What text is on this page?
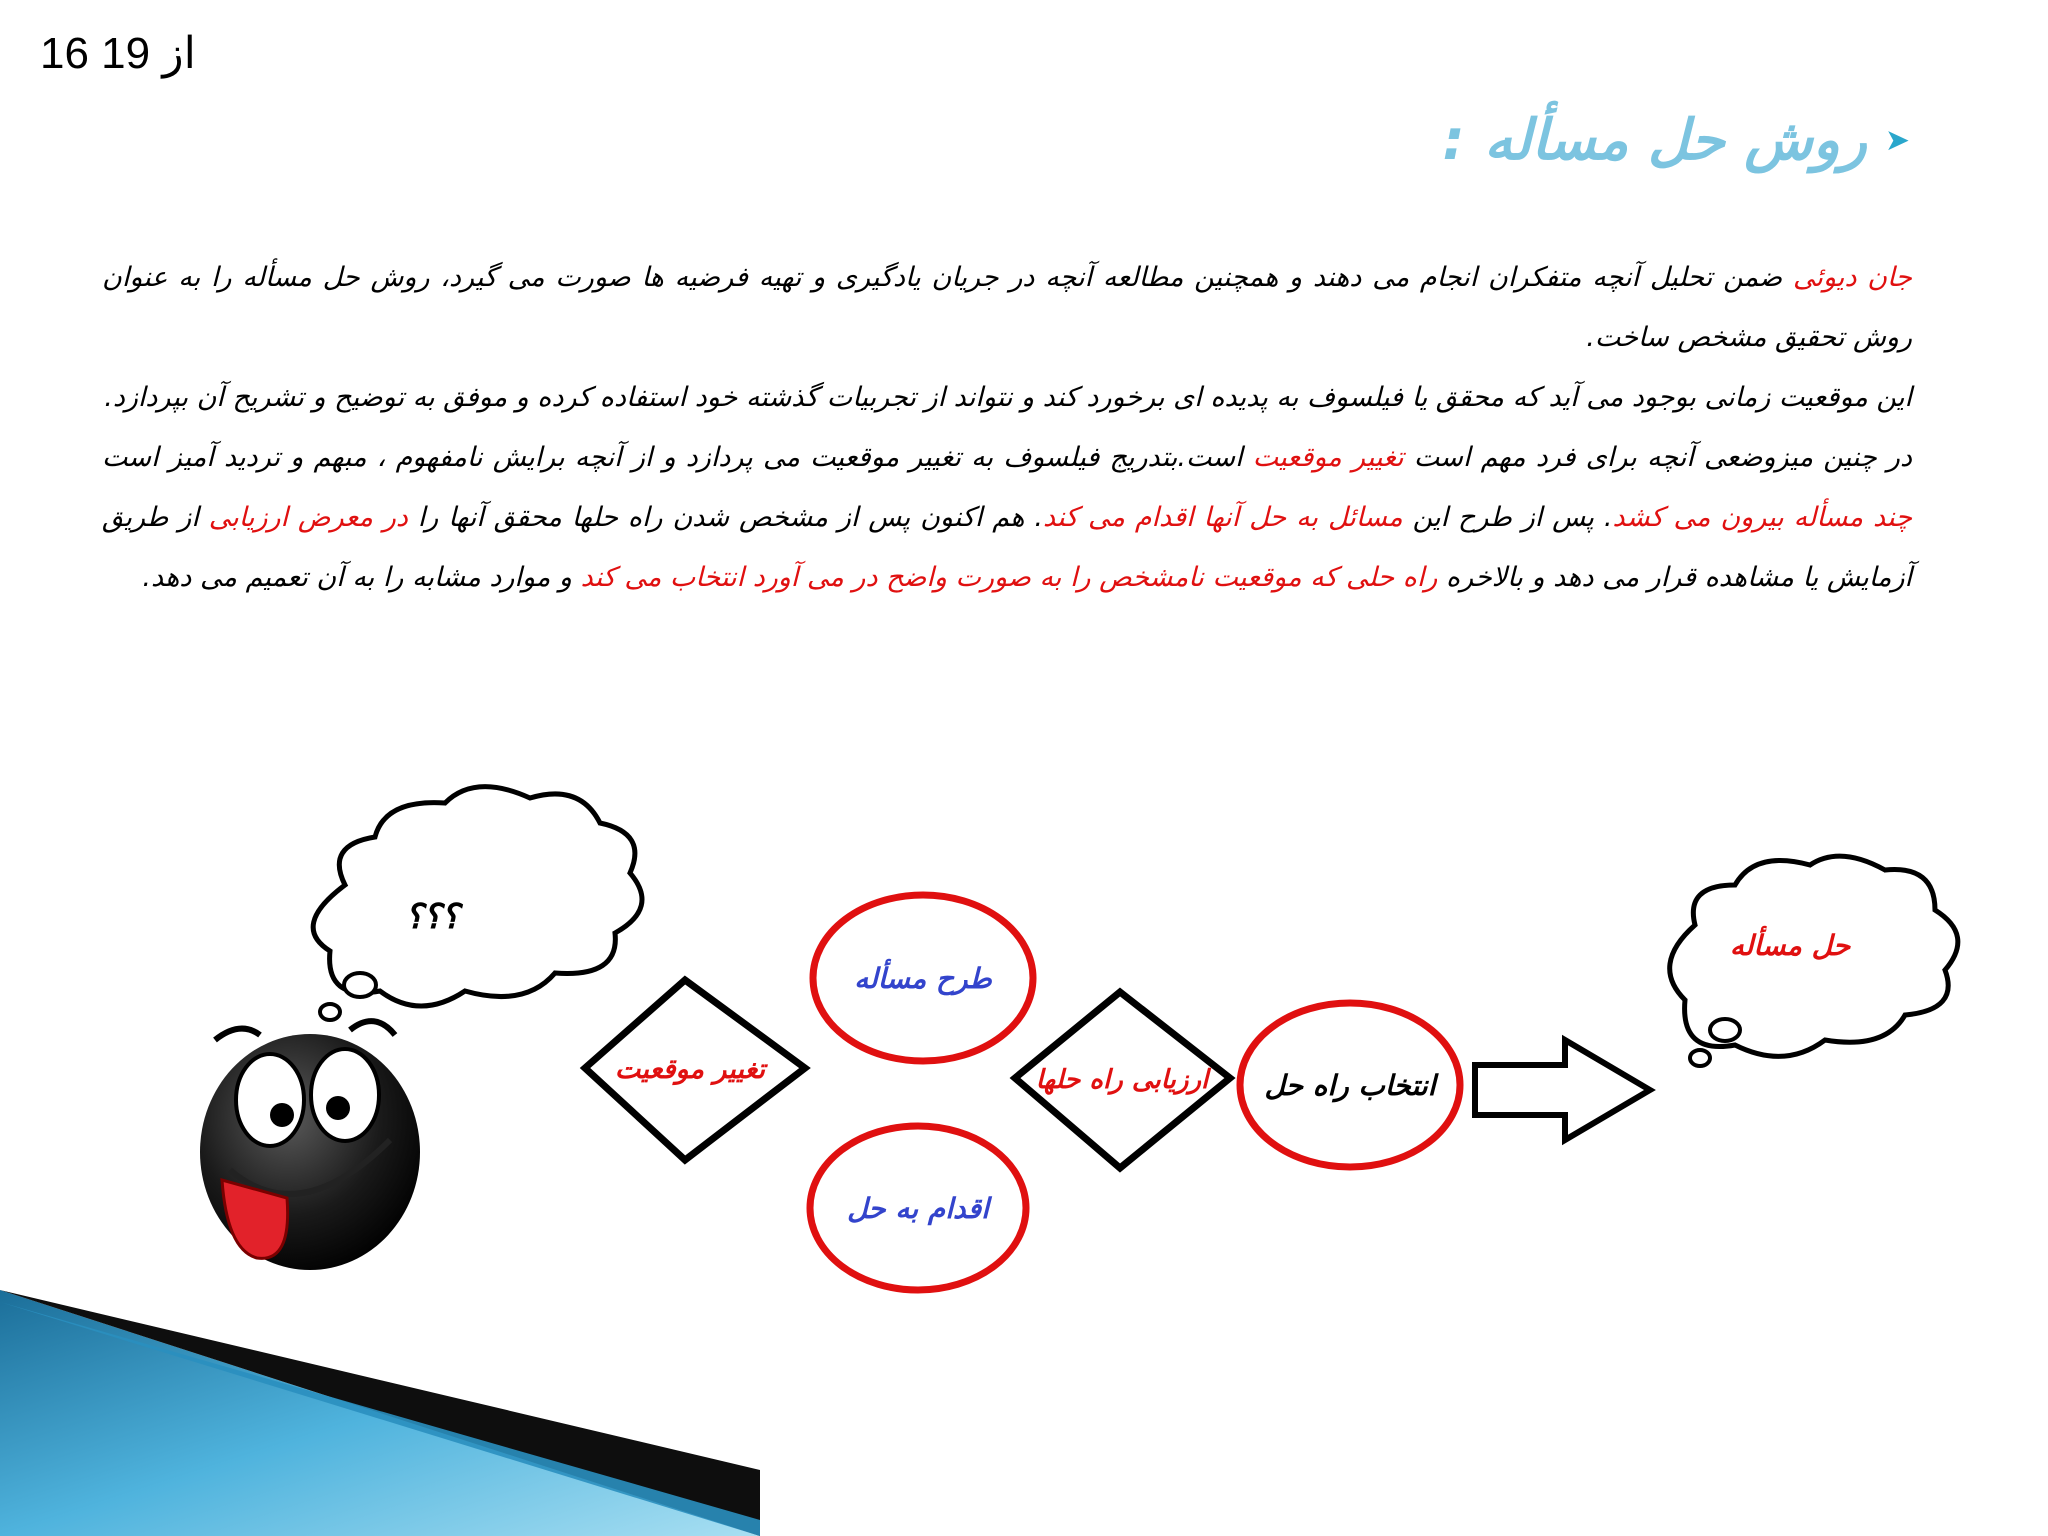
16 از 19
➤
روش حل مسأله :

جان دیوئی ضمن تحلیل آنچه متفکران انجام می دهند و همچنین مطالعه آنچه در جریان یادگیری و تهیه فرضیه ها صورت می گیرد، روش حل مسأله را به عنوان روش تحقیق مشخص ساخت.

این موقعیت زمانی بوجود می آید که محقق یا فیلسوف به پدیده ای برخورد کند و نتواند از تجربیات گذشته خود استفاده کرده و موفق به توضیح و تشریح آن بپردازد.

در چنین میزوضعی آنچه برای فرد مهم است تغییر موقعیت است.بتدریج فیلسوف به تغییر موقعیت می پردازد و از آنچه برایش نامفهوم ، مبهم و تردید آمیز است چند مسأله بیرون می کشد. پس از طرح این مسائل به حل آنها اقدام می کند. هم اکنون پس از مشخص شدن راه حلها محقق آنها را در معرض ارزیابی از طریق آزمایش یا مشاهده قرار می دهد و بالاخره راه حلی که موقعیت نامشخص را به صورت واضح در می آورد انتخاب می کند و موارد مشابه را به آن تعمیم می دهد.

؟؟؟
تغییر موقعیت
طرح مسأله
اقدام به حل
ارزیابی راه حلها انتخاب راه حل
حل مسأله
